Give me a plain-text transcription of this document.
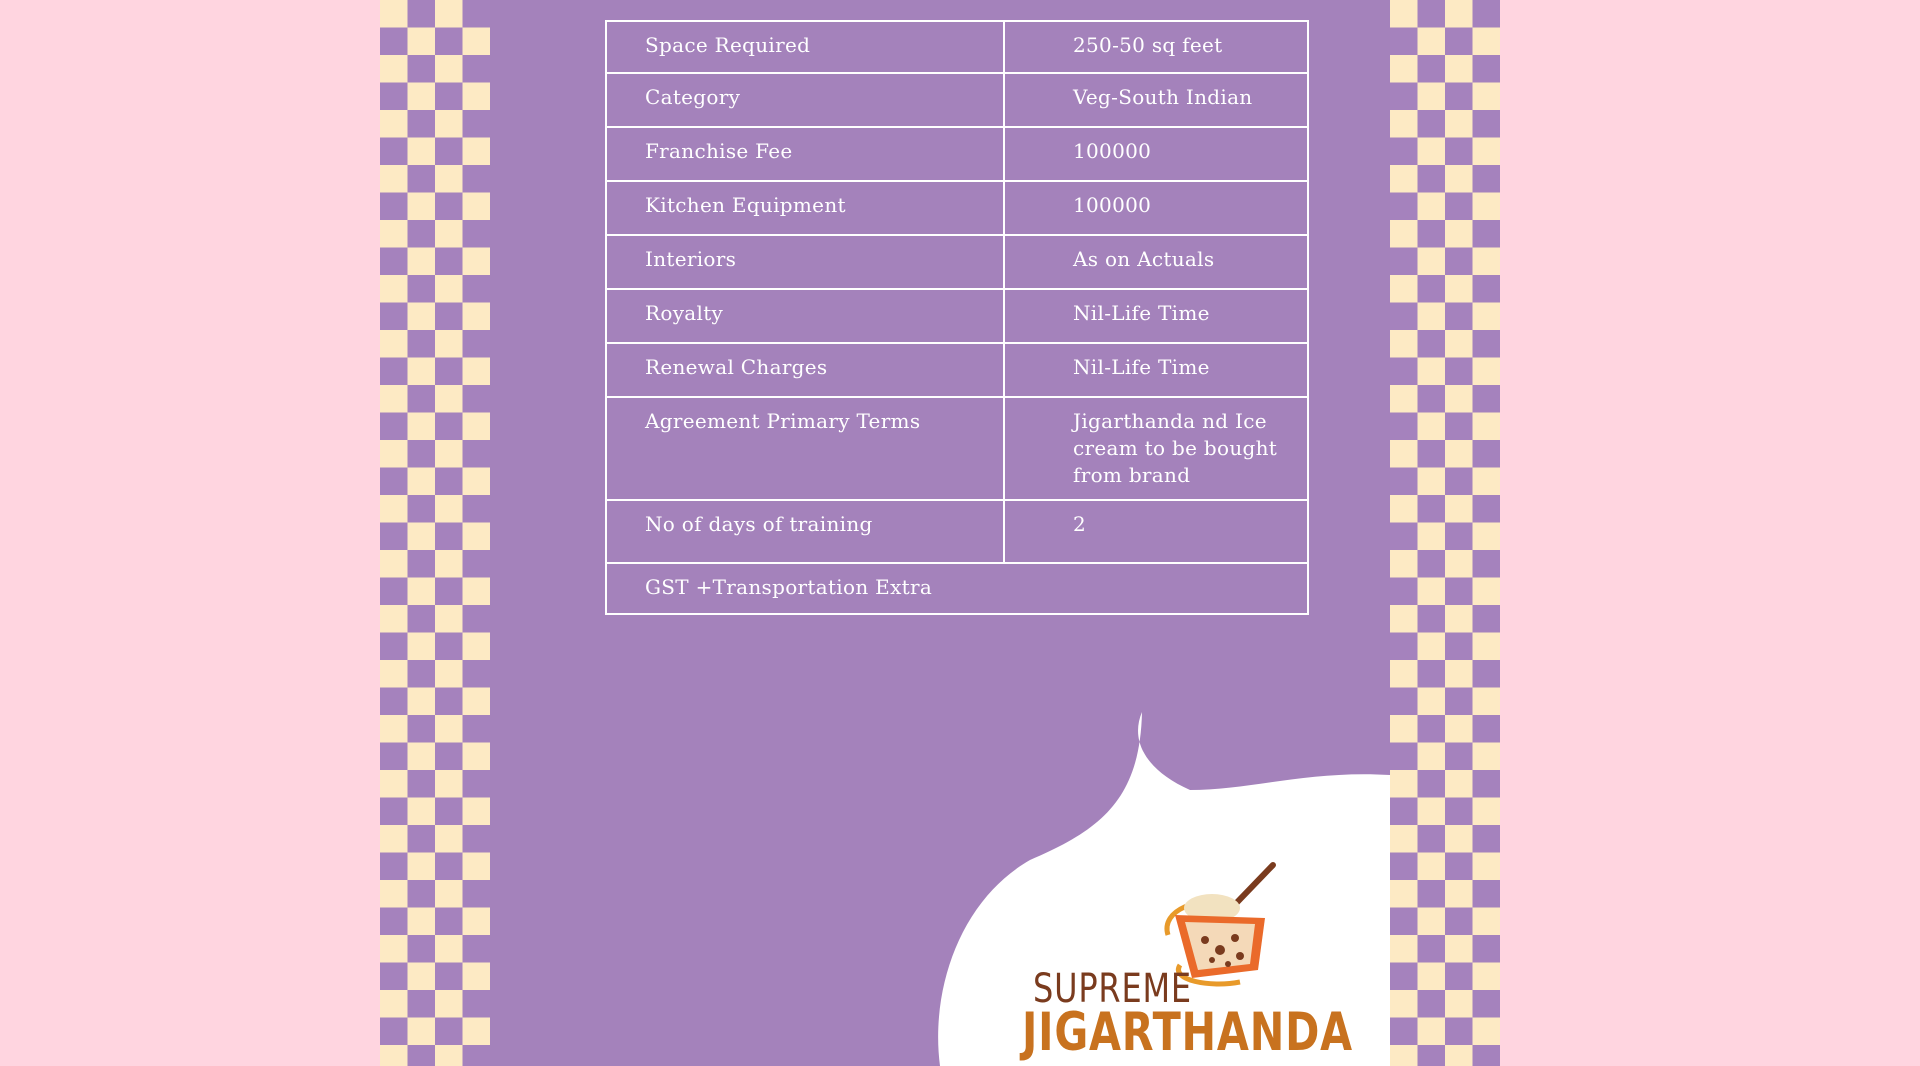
Space Required	250-50 sq feet
Category	Veg-South Indian
Franchise Fee	100000
Kitchen Equipment	100000
Interiors	As on Actuals
Royalty	Nil-Life Time
Renewal Charges	Nil-Life Time
Agreement Primary Terms	Jigarthanda nd Ice cream to be bought from brand
No of days of training	2
GST +Transportation Extra	
SUPREME
JIGARTHANDA
